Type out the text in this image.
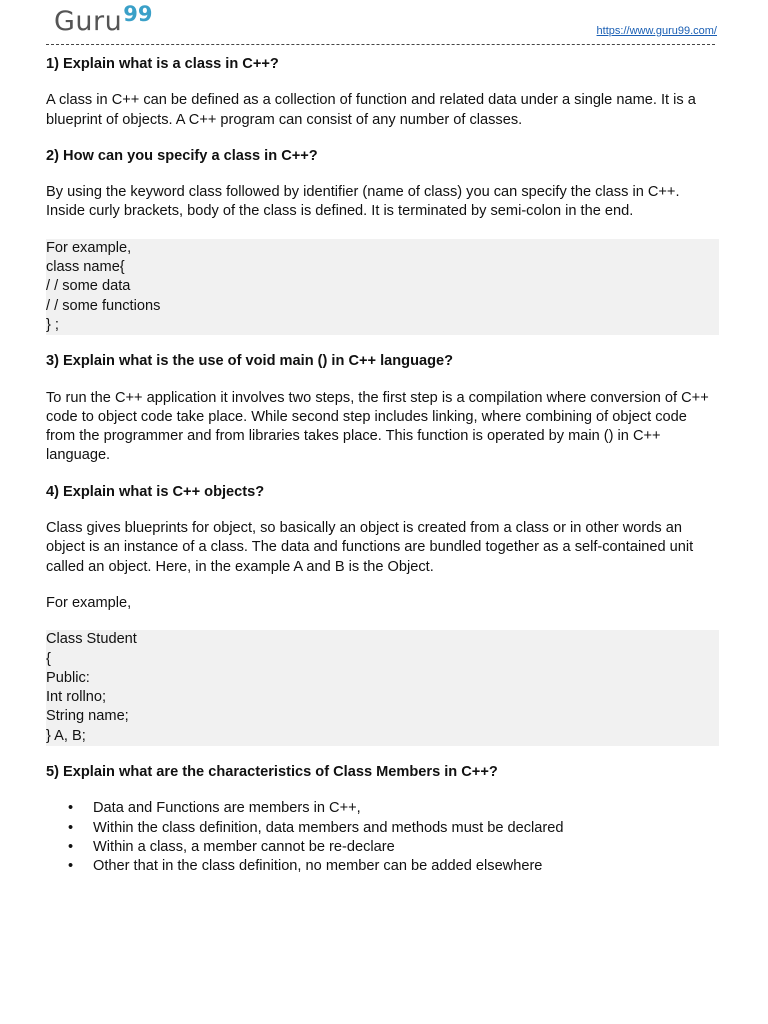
Guru99
https://www.guru99.com/
1) Explain what is a class in C++?
A class in C++ can be defined as a collection of function and related data under a single name. It is a blueprint of objects. A C++ program can consist of any number of classes.
2) How can you specify a class in C++?
By using the keyword class followed by identifier (name of class) you can specify the class in C++. Inside curly brackets, body of the class is defined. It is terminated by semi-colon in the end.
For example,
class name{
/ / some data
/ / some functions
} ;
3) Explain what is the use of void main () in C++ language?
To run the C++ application it involves two steps, the first step is a compilation where conversion of C++ code to object code take place. While second step includes linking, where combining of object code from the programmer and from libraries takes place. This function is operated by main () in C++ language.
4) Explain what is C++ objects?
Class gives blueprints for object, so basically an object is created from a class or in other words an object is an instance of a class. The data and functions are bundled together as a self-contained unit called an object. Here, in the example A and B is the Object.
For example,
Class Student
{
Public:
Int rollno;
String name;
} A, B;
5) Explain what are the characteristics of Class Members in C++?
• Data and Functions are members in C++,
• Within the class definition, data members and methods must be declared
• Within a class, a member cannot be re-declare
• Other that in the class definition, no member can be added elsewhere
